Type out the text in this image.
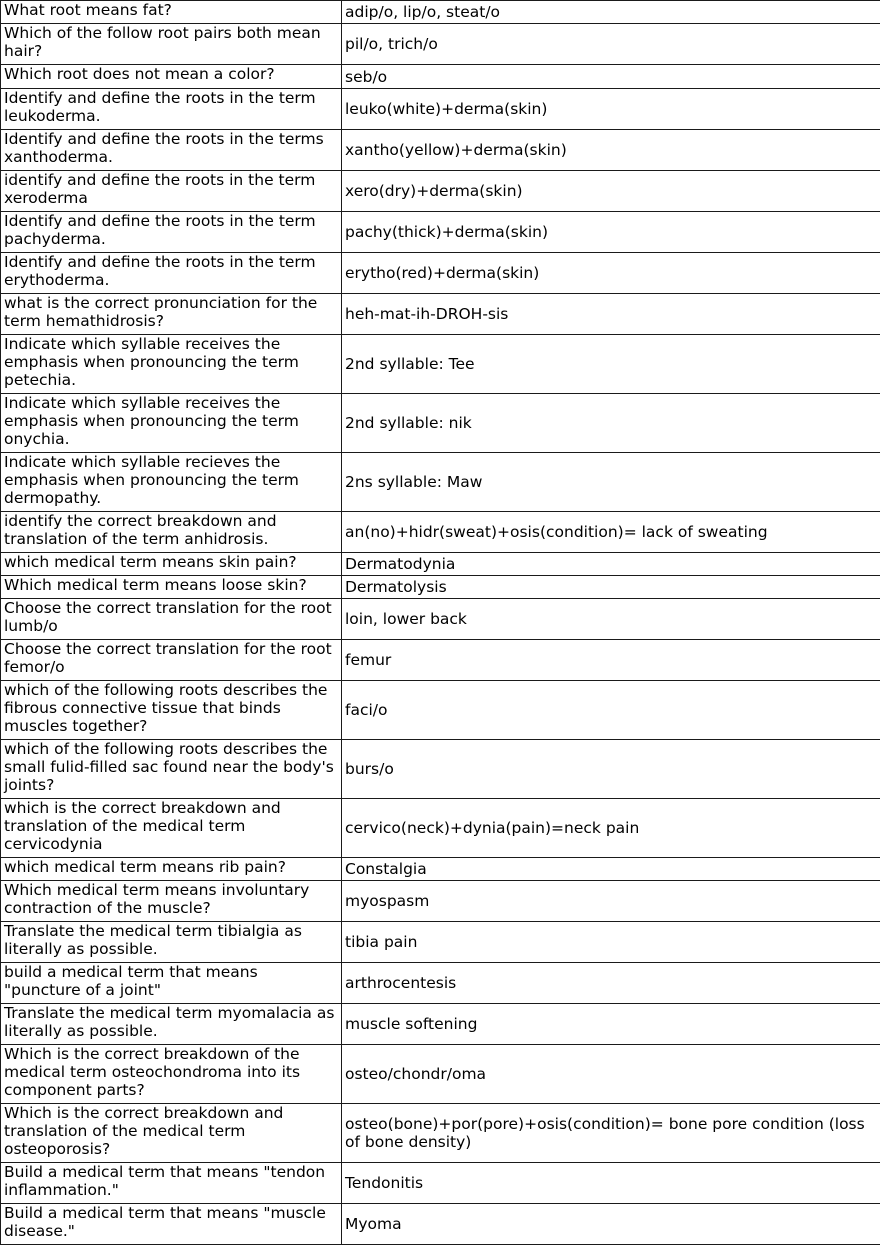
What root means fat?	adip/o, lip/o, steat/o
Which of the follow root pairs both mean hair?	pil/o, trich/o
Which root does not mean a color?	seb/o
Identify and define the roots in the term leukoderma.	leuko(white)+derma(skin)
Identify and define the roots in the terms xanthoderma.	xantho(yellow)+derma(skin)
identify and define the roots in the term xeroderma	xero(dry)+derma(skin)
Identify and define the roots in the term pachyderma.	pachy(thick)+derma(skin)
Identify and define the roots in the term erythoderma.	erytho(red)+derma(skin)
what is the correct pronunciation for the term hemathidrosis?	heh-mat-ih-DROH-sis
Indicate which syllable receives the emphasis when pronouncing the term petechia.	2nd syllable: Tee
Indicate which syllable receives the emphasis when pronouncing the term onychia.	2nd syllable: nik
Indicate which syllable recieves the emphasis when pronouncing the term dermopathy.	2ns syllable: Maw
identify the correct breakdown and translation of the term anhidrosis.	an(no)+hidr(sweat)+osis(condition)= lack of sweating
which medical term means skin pain?	Dermatodynia
Which medical term means loose skin?	Dermatolysis
Choose the correct translation for the root lumb/o	loin, lower back
Choose the correct translation for the root femor/o	femur
which of the following roots describes the fibrous connective tissue that binds muscles together?	faci/o
which of the following roots describes the small fulid-filled sac found near the body's joints?	burs/o
which is the correct breakdown and translation of the medical term cervicodynia	cervico(neck)+dynia(pain)=neck pain
which medical term means rib pain?	Constalgia
Which medical term means involuntary contraction of the muscle?	myospasm
Translate the medical term tibialgia as literally as possible.	tibia pain
build a medical term that means "puncture of a joint"	arthrocentesis
Translate the medical term myomalacia as literally as possible.	muscle softening
Which is the correct breakdown of the medical term osteochondroma into its component parts?	osteo/chondr/oma
Which is the correct breakdown and translation of the medical term osteoporosis?	osteo(bone)+por(pore)+osis(condition)= bone pore condition (loss of bone density)
Build a medical term that means "tendon inflammation."	Tendonitis
Build a medical term that means "muscle disease."	Myoma
